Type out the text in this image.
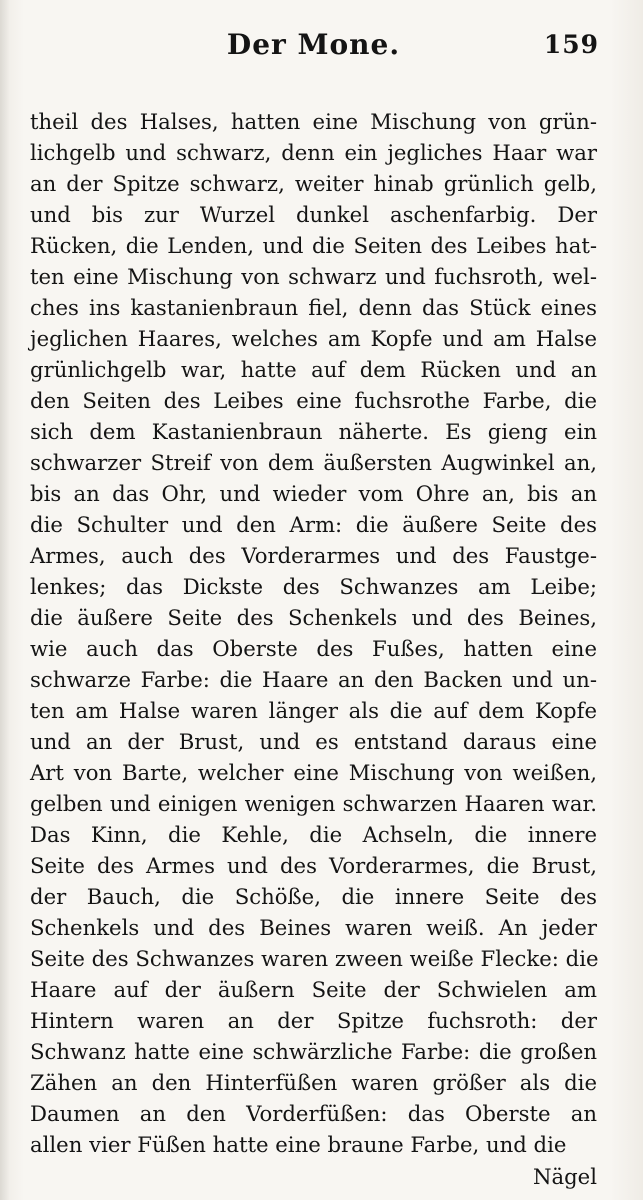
Der Mone.	159
theil des Halses, hatten eine Mischung von grün-
lichgelb und schwarz, denn ein jegliches Haar war
an der Spitze schwarz, weiter hinab grünlich gelb,
und bis zur Wurzel dunkel aschenfarbig. Der
Rücken, die Lenden, und die Seiten des Leibes hat-
ten eine Mischung von schwarz und fuchsroth, wel-
ches ins kastanienbraun fiel, denn das Stück eines
jeglichen Haares, welches am Kopfe und am Halse
grünlichgelb war, hatte auf dem Rücken und an
den Seiten des Leibes eine fuchsrothe Farbe, die
sich dem Kastanienbraun näherte. Es gieng ein
schwarzer Streif von dem äußersten Augwinkel an,
bis an das Ohr, und wieder vom Ohre an, bis an
die Schulter und den Arm: die äußere Seite des
Armes, auch des Vorderarmes und des Faustge-
lenkes; das Dickste des Schwanzes am Leibe;
die äußere Seite des Schenkels und des Beines,
wie auch das Oberste des Fußes, hatten eine
schwarze Farbe: die Haare an den Backen und un-
ten am Halse waren länger als die auf dem Kopfe
und an der Brust, und es entstand daraus eine
Art von Barte, welcher eine Mischung von weißen,
gelben und einigen wenigen schwarzen Haaren war.
Das Kinn, die Kehle, die Achseln, die innere
Seite des Armes und des Vorderarmes, die Brust,
der Bauch, die Schöße, die innere Seite des
Schenkels und des Beines waren weiß. An jeder
Seite des Schwanzes waren zween weiße Flecke: die
Haare auf der äußern Seite der Schwielen am
Hintern waren an der Spitze fuchsroth: der
Schwanz hatte eine schwärzliche Farbe: die großen
Zähen an den Hinterfüßen waren größer als die
Daumen an den Vorderfüßen: das Oberste an
allen vier Füßen hatte eine braune Farbe, und die
Nägel
